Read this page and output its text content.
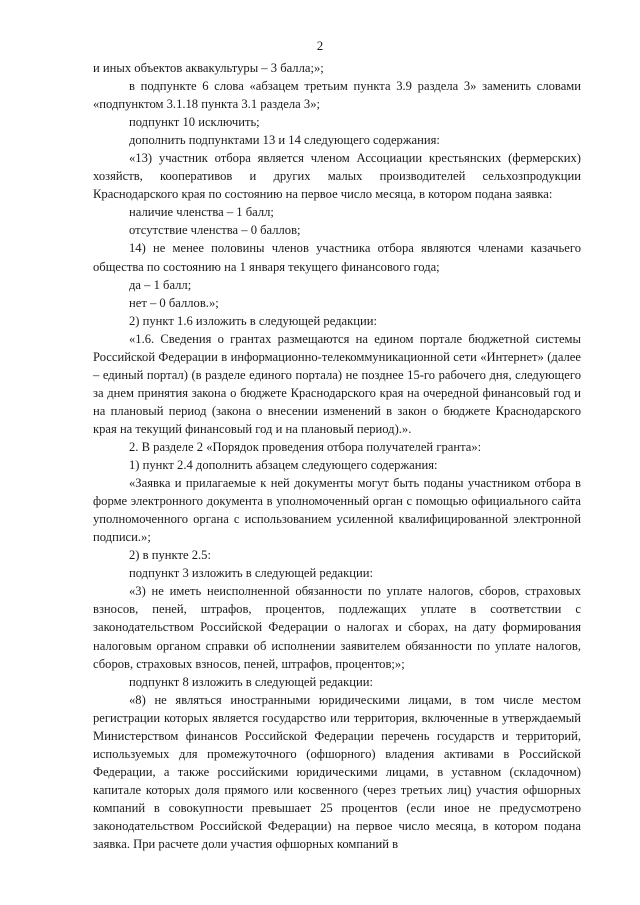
2

и иных объектов аквакультуры – 3 балла;»;

в подпункте 6 слова «абзацем третьим пункта 3.9 раздела 3» заменить словами «подпунктом 3.1.18 пункта 3.1 раздела 3»;

подпункт 10 исключить;

дополнить подпунктами 13 и 14 следующего содержания:

«13) участник отбора является членом Ассоциации крестьянских (фермерских) хозяйств, кооперативов и других малых производителей сельхозпродукции Краснодарского края по состоянию на первое число месяца, в котором подана заявка:

наличие членства – 1 балл;

отсутствие членства – 0 баллов;

14) не менее половины членов участника отбора являются членами казачьего общества по состоянию на 1 января текущего финансового года;

да – 1 балл;

нет – 0 баллов.»;

2) пункт 1.6 изложить в следующей редакции:

«1.6. Сведения о грантах размещаются на едином портале бюджетной системы Российской Федерации в информационно-телекоммуникационной сети «Интернет» (далее – единый портал) (в разделе единого портала) не позднее 15-го рабочего дня, следующего за днем принятия закона о бюджете Краснодарского края на очередной финансовый год и на плановый период (закона о внесении изменений в закон о бюджете Краснодарского края на текущий финансовый год и на плановый период).».

2. В разделе 2 «Порядок проведения отбора получателей гранта»:

1) пункт 2.4 дополнить абзацем следующего содержания:

«Заявка и прилагаемые к ней документы могут быть поданы участником отбора в форме электронного документа в уполномоченный орган с помощью официального сайта уполномоченного органа с использованием усиленной квалифицированной электронной подписи.»;

2) в пункте 2.5:

подпункт 3 изложить в следующей редакции:

«3) не иметь неисполненной обязанности по уплате налогов, сборов, страховых взносов, пеней, штрафов, процентов, подлежащих уплате в соответствии с законодательством Российской Федерации о налогах и сборах, на дату формирования налоговым органом справки об исполнении заявителем обязанности по уплате налогов, сборов, страховых взносов, пеней, штрафов, процентов;»;

подпункт 8 изложить в следующей редакции:

«8) не являться иностранными юридическими лицами, в том числе местом регистрации которых является государство или территория, включенные в утверждаемый Министерством финансов Российской Федерации перечень государств и территорий, используемых для промежуточного (офшорного) владения активами в Российской Федерации, а также российскими юридическими лицами, в уставном (складочном) капитале которых доля прямого или косвенного (через третьих лиц) участия офшорных компаний в совокупности превышает 25 процентов (если иное не предусмотрено законодательством Российской Федерации) на первое число месяца, в котором подана заявка. При расчете доли участия офшорных компаний в
